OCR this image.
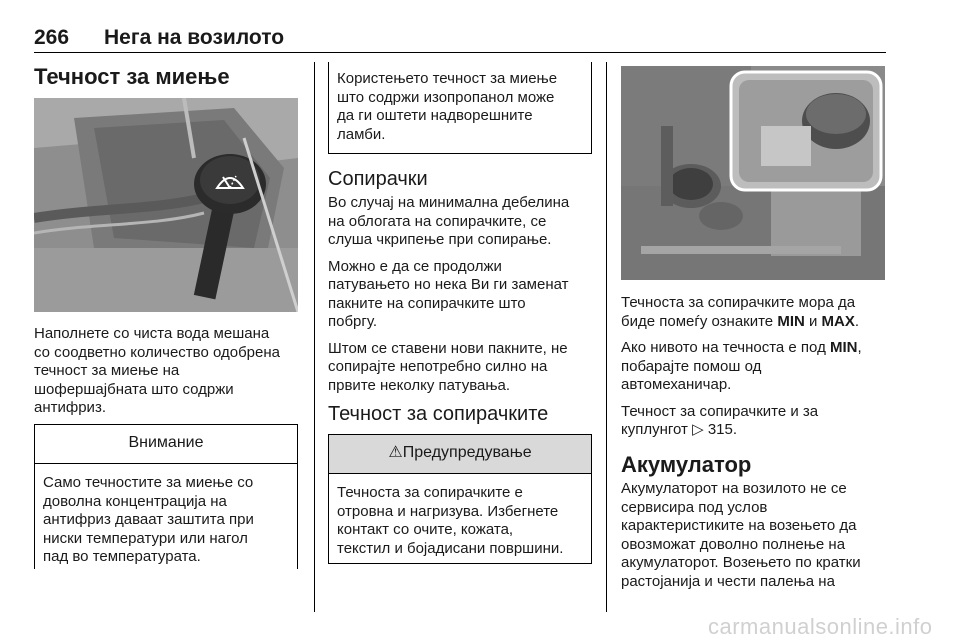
266 Нега на возилото
Течност за миење
Наполнете со чиста вода мешана
со соодветно количество одобрена
течност за миење на
шофершајбната што содржи
антифриз.
Внимание
Само течностите за миење со
доволна концентрација на
антифриз даваат заштита при
ниски температури или нагол
пад во температурата.
Користењето течност за миење
што содржи изопропанол може
да ги оштети надворешните
ламби.
Сопирачки

Во случај на минимална дебелина
на облогата на сопирачките, се
слуша чкрипење при сопирање.

Можно е да се продолжи
патувањето но нека Ви ги заменат
пакните на сопирачките што
побргу.

Штом се ставени нови пакните, не
сопирајте непотребно силно на
првите неколку патувања.

Течност за сопирачките
⚠Предупредување
Течноста за сопирачките е
отровна и нагризува. Избегнете
контакт со очите, кожата,
текстил и бојадисани површини.

Течноста за сопирачките мора да
биде помеѓу ознаките MIN и MAX.

Ако нивото на течноста е под MIN,
побарајте помош од
автомеханичар.

Течност за сопирачките и за
куплунгот ▷ 315.

Акумулатор
Акумулаторот на возилото не се
сервисира под услов
карактеристиките на возењето да
овозможат доволно полнење на
акумулаторот. Возењето по кратки
растојанија и чести палења на
carmanualsonline.info
